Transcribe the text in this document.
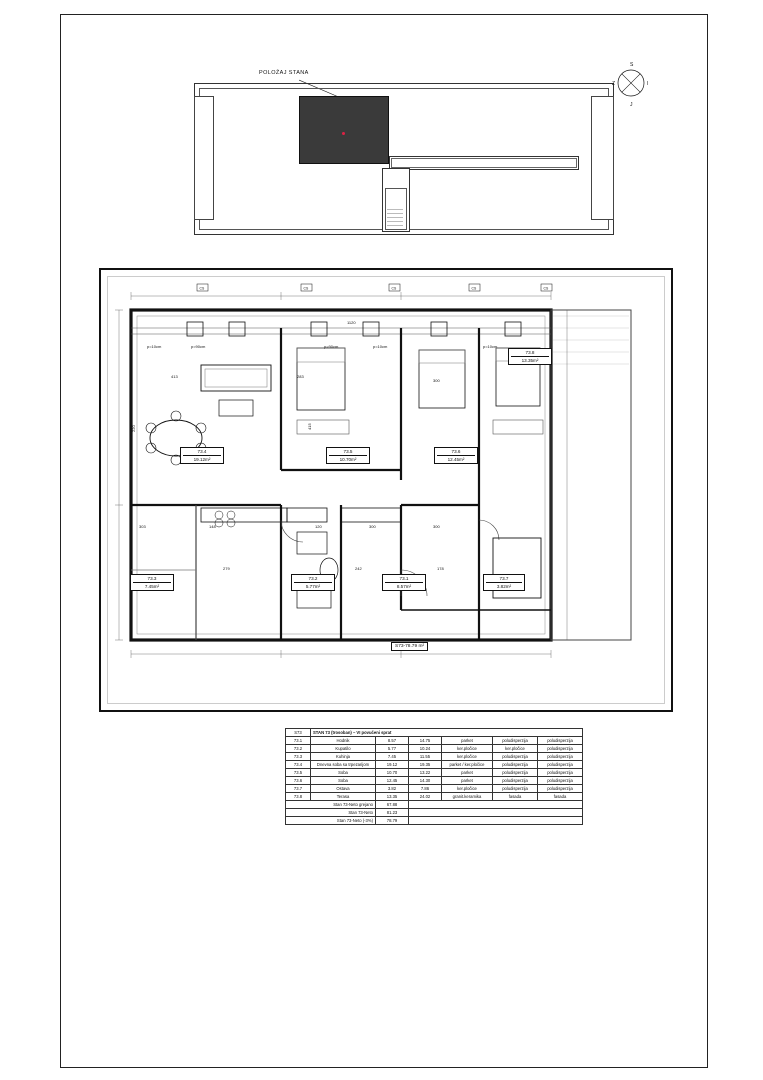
POLOŽAJ STANA
S
I
J
Z
CS	CS	CS	CS	CS
1120
413	283
415
220
303	148	120	300	300
300
279	242	178
p=10cm	p=90cm	p=90cm	p=10cm	p=10cm
73.4
19.12m²
73.5
10.70m²
73.6
12.45m²
73.8
13.35m²
73.3
7.45m²
73.2
5.77m²
73.1
8.57m²
73.7
3.82m²
S73-78.79 m²
S73	STAN 73 (trosoban) – VI povučeni sprat					
73.1	Hodnik	8.57	14.75	parket	poludisperzija	poludisperzija
73.2	Kupatilo	5.77	10.24	ker.pločice	ker.pločice	poludisperzija
73.3	Kuhinja	7.45	11.55	ker.pločice	poludisperzija	poludisperzija
73.4	Dnevna soba sa trpezarijom	19.12	19.35	parket / ker.pločice	poludisperzija	poludisperzija
73.5	Soba	10.70	13.22	parket	poludisperzija	poludisperzija
73.6	Soba	12.45	14.30	parket	poludisperzija	poludisperzija
73.7	Ostava	3.82	7.86	ker.pločice	poludisperzija	poludisperzija
73.8	Terasa	13.35	24.02	granit.keramika	fasada	fasada
Stan 73-Neto grejano		67.88				
Stan 73-Neto		81.23				
Stan 73-Neto (-3%)		78.79				
